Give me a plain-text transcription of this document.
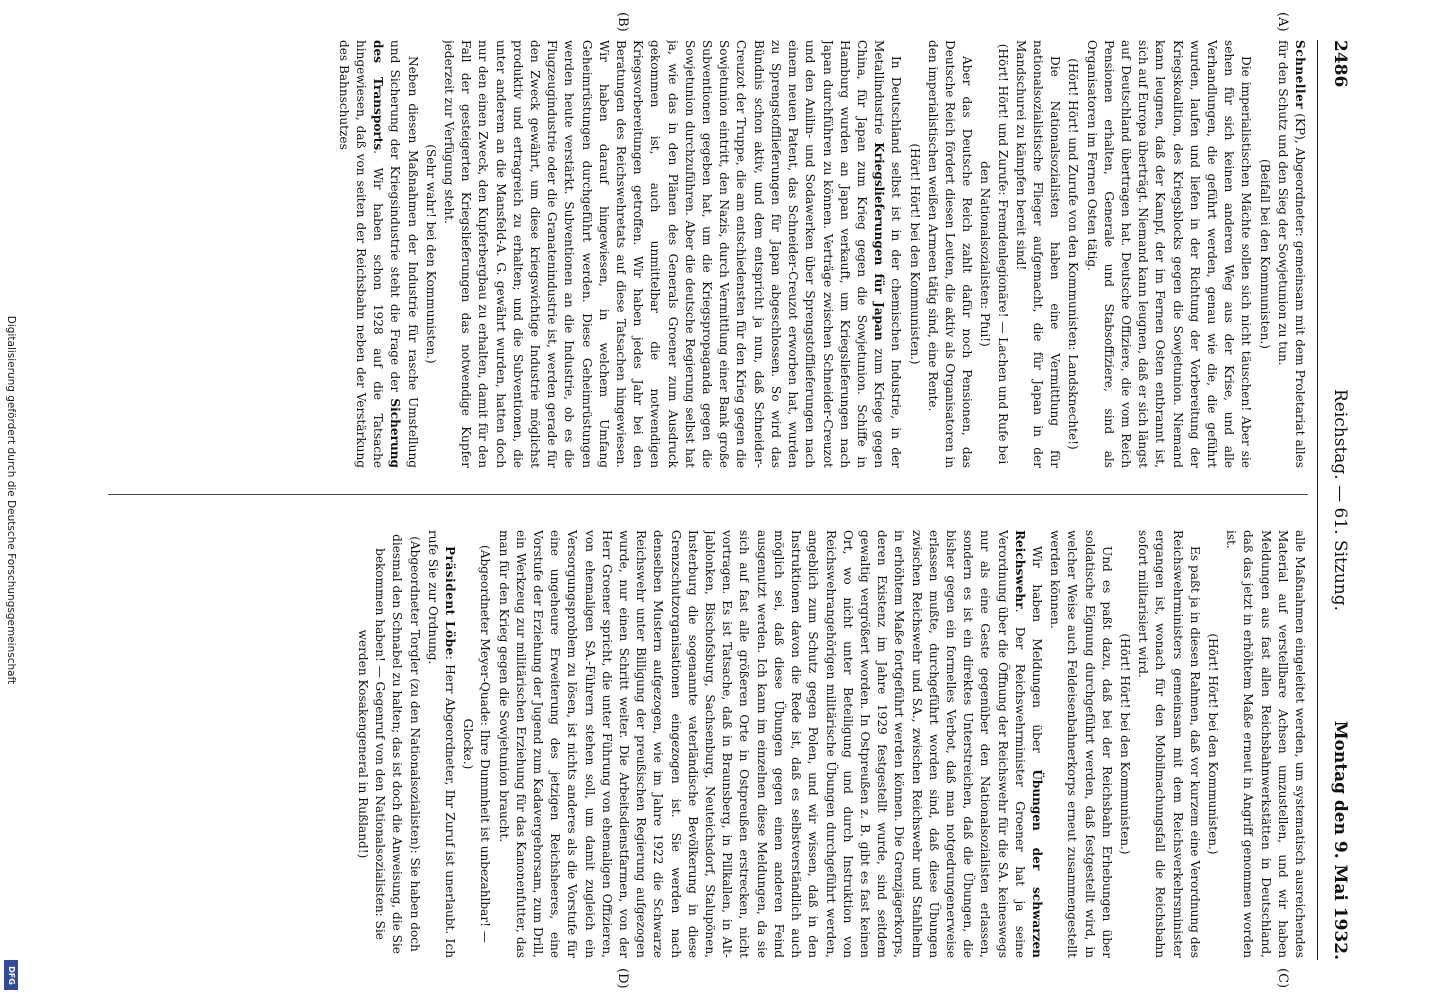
Digitalisierung gefördert durch die Deutsche Forschungsgemeinschaft
DFG
2486
Reichstag. — 61. Sitzung.
Montag den 9. Mai 1932.
(A)
(B)
(C)
(D)

Schneller (KP), Abgeordneter: gemeinsam mit dem Proletariat alles für den Schutz und den Sieg der Sowjetunion zu tun.

(Beifall bei den Kommunisten.)

Die imperialistischen Mächte sollen sich nicht täuschen! Aber sie sehen für sich keinen anderen Weg aus der Krise, und alle Verhandlungen, die geführt werden, genau wie die, die geführt wurden, laufen und liefen in der Richtung der Vorbereitung der Kriegskoalition, des Kriegsblocks gegen die Sowjetunion. Niemand kann leugnen, daß der Kampf, der im Fernen Osten entbrannt ist, sich auf Europa überträgt. Niemand kann leugnen, daß er sich längst auf Deutschland übertragen hat. Deutsche Offiziere, die vom Reich Pensionen erhalten, Generale und Stabsoffiziere, sind als Organisatoren im Fernen Osten tätig.

(Hört! Hört! und Zurufe von den Kommunisten: Landsknechte!)

Die Nationalsozialisten haben eine Vermittlung für nationalsozialistische Flieger aufgemacht, die für Japan in der Mandschurei zu kämpfen bereit sind!

(Hört! Hört! und Zurufe: Fremdenlegionäre! — Lachen und Rufe bei den Nationalsozialisten: Pfui!)

Aber das Deutsche Reich zahlt dafür noch Pensionen, das Deutsche Reich fördert diesen Leuten, die aktiv als Organisatoren in den imperialistischen weißen Armeen tätig sind, eine Rente.

(Hört! Hört! bei den Kommunisten.)

In Deutschland selbst ist in der chemischen Industrie, in der Metallindustrie Kriegslieferungen für Japan zum Kriege gegen China, für Japan zum Krieg gegen die Sowjetunion. Schiffe in Hamburg wurden an Japan verkauft, um Kriegslieferungen nach Japan durchführen zu können. Verträge zwischen Schneider-Creuzot und den Anilin- und Sodawerken über Sprengstofflieferungen nach einem neuen Patent, das Schneider-Creuzot erworben hat, wurden zu Sprengstofflieferungen für Japan abgeschlossen. So wird das Bündnis schon aktiv, und dem entspricht ja nun, daß Schneider-Creuzot der Truppe, die am entschiedensten für den Krieg gegen die Sowjetunion eintritt, den Nazis, durch Vermittlung einer Bank große Subventionen gegeben hat, um die Kriegspropaganda gegen die Sowjetunion durchzuführen. Aber die deutsche Regierung selbst hat ja, wie das in den Plänen des Generals Groener zum Ausdruck gekommen ist, auch unmittelbar die notwendigen Kriegsvorbereitungen getroffen. Wir haben jedes Jahr bei den Beratungen des Reichswehretats auf diese Tatsachen hingewiesen. Wir haben darauf hingewiesen, in welchem Umfang Geheimrüstungen durchgeführt werden. Diese Geheimrüstungen werden heute verstärkt. Subventionen an die Industrie, ob es die Flugzeugindustrie oder die Granatenindustrie ist, werden gerade für den Zweck gewährt, um diese kriegswichtige Industrie möglichst produktiv und ertragreich zu erhalten; und die Subventionen, die unter anderem an die Mansfeld-A. G. gewährt wurden, hatten doch nur den einen Zweck, den Kupferbergbau zu erhalten, damit für den Fall der gesteigerten Kriegslieferungen das notwendige Kupfer jederzeit zur Verfügung steht.

(Sehr wahr! bei den Kommunisten.)

Neben diesen Maßnahmen der Industrie für rasche Umstellung und Sicherung der Kriegsindustrie steht die Frage der Sicherung des Transports. Wir haben schon 1928 auf die Tatsache hingewiesen, daß von seiten der Reichsbahn neben der Verstärkung des Bahnschutzes

alle Maßnahmen eingeleitet werden, um systematisch ausreichendes Material auf verstellbare Achsen umzustellen, und wir haben Meldungen aus fast allen Reichsbahnwerkstätten in Deutschland, daß das jetzt in erhöhtem Maße erneut in Angriff genommen worden ist.

(Hört! Hört! bei den Kommunisten.)

Es paßt ja in diesen Rahmen, daß vor kurzem eine Verordnung des Reichswehrministers gemeinsam mit dem Reichsverkehrsminister ergangen ist, wonach für den Mobilmachungsfall die Reichsbahn sofort militarisiert wird.

(Hört! Hört! bei den Kommunisten.)

Und es paßt dazu, daß bei der Reichsbahn Erhebungen über soldatische Eignung durchgeführt werden, daß festgestellt wird, in welcher Weise auch Feldeisenbahnerkorps erneut zusammengestellt werden können.

Wir haben Meldungen über Übungen der schwarzen Reichswehr. Der Reichswehrminister Groener hat ja seine Verordnung über die Öffnung der Reichswehr für die SA. keineswegs nur als eine Geste gegenüber den Nationalsozialisten erlassen, sondern es ist ein direktes Unterstreichen, daß die Übungen, die bisher gegen ein formelles Verbot, daß man notgedrungenerweise erlassen mußte, durchgeführt worden sind, daß diese Übungen zwischen Reichswehr und SA., zwischen Reichswehr und Stahlhelm in erhöhtem Maße fortgeführt werden können. Die Grenzjägerkorps, deren Existenz im Jahre 1929 festgestellt wurde, sind seitdem gewaltig vergrößert worden. In Ostpreußen z. B. gibt es fast keinen Ort, wo nicht unter Beteiligung und durch Instruktion von Reichswehrangehörigen militärische Übungen durchgeführt werden, angeblich zum Schutz gegen Polen, und wir wissen, daß in den Instruktionen davon die Rede ist, daß es selbstverständlich auch möglich sei, daß diese Übungen gegen einen anderen Feind ausgenutzt werden. Ich kann im einzelnen diese Meldungen, da sie sich auf fast alle größeren Orte in Ostpreußen erstrecken, nicht vortragen. Es ist Tatsache, daß in Braunsberg, in Pillkallen, in Alt-Jablonken, Bischofsburg, Sachsenburg, Neuteichsdorf, Stalupönen, Insterburg die sogenannte vaterländische Bevölkerung in diese Grenzschutzorganisationen eingezogen ist. Sie werden nach denselben Mustern aufgezogen, wie im Jahre 1922 die Schwarze Reichswehr unter Billigung der preußischen Regierung aufgezogen wurde, nur einen Schritt weiter. Die Arbeitsdienstfarmen, von der Herr Groener spricht, die unter Führung von ehemaligen Offizieren, von ehemaligen SA.-Führern stehen soll, um damit zugleich ein Versorgungsproblem zu lösen, ist nichts anderes als die Vorstufe für eine ungeheure Erweiterung des jetzigen Reichsheeres, eine Vorstufe der Erziehung der Jugend zum Kadavergehorsam, zum Drill, ein Werkzeug zur militärischen Erziehung für das Kanonenfutter, das man für den Krieg gegen die Sowjetunion braucht.

(Abgeordneter Meyer-Quade: Ihre Dummheit ist unbezahlbar! — Glocke.)

Präsident Löbe: Herr Abgeordneter, Ihr Zuruf ist unerlaubt. Ich rufe Sie zur Ordnung.

(Abgeordneter Torgler (zu den Nationalsozialisten): Sie haben doch diesmal den Schnabel zu halten; das ist doch die Anweisung, die Sie bekommen haben! — Gegenruf von den Nationalsozialisten: Sie werden Kosakengeneral in Rußland!)
